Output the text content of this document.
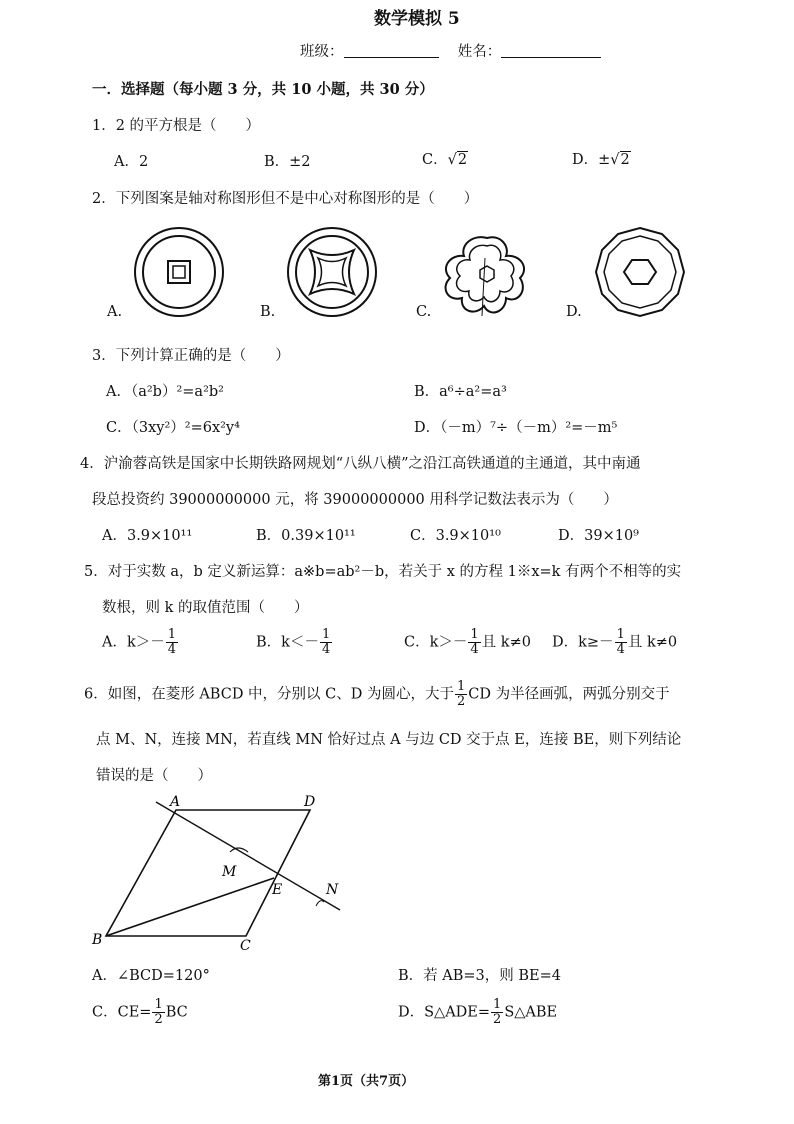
数学模拟 5
班级：	姓名：
一．选择题（每小题 3 分，共 10 小题，共 30 分）
1．2 的平方根是（　　）
A．2	B．±2	C．√2	D．±√2
2．下列图案是轴对称图形但不是中心对称图形的是（　　）
A.	B.	C.	D.
3．下列计算正确的是（　　）
A．（a²b）²=a²b²	B．a⁶÷a²=a³
C．（3xy²）²=6x²y⁴	D．（－m）⁷÷（－m）²=－m⁵
4．沪渝蓉高铁是国家中长期铁路网规划“八纵八横”之沿江高铁通道的主通道，其中南通
段总投资约 39000000000 元，将 39000000000 用科学记数法表示为（　　）
A．3.9×10¹¹	B．0.39×10¹¹	C．3.9×10¹⁰	D．39×10⁹
5．对于实数 a，b 定义新运算：a※b=ab²－b，若关于 x 的方程 1※x=k 有两个不相等的实
数根，则 k 的取值范围（　　）
A．$k>- \frac{1}{4}$	B．$k<- \frac{1}{4}$	C．$k>- \frac{1}{4}$ 且 k≠0 D．$k\ge- \frac{1}{4}$ 且 k≠0
6．如图，在菱形 ABCD 中，分别以 C、D 为圆心，大于 $\frac{1}{2}$ CD 为半径画弧，两弧分别交于
点 M、N，连接 MN，若直线 MN 恰好过点 A 与边 CD 交于点 E，连接 BE，则下列结论
错误的是（　　）
A	D
C
B
E
M
N
A．∠BCD=120°	B．若 AB=3，则 BE=4
C．$CE= \frac{1}{2}$ BC	D．S△ADE= $\frac{1}{2}$ S△ABE
第1页（共7页）
